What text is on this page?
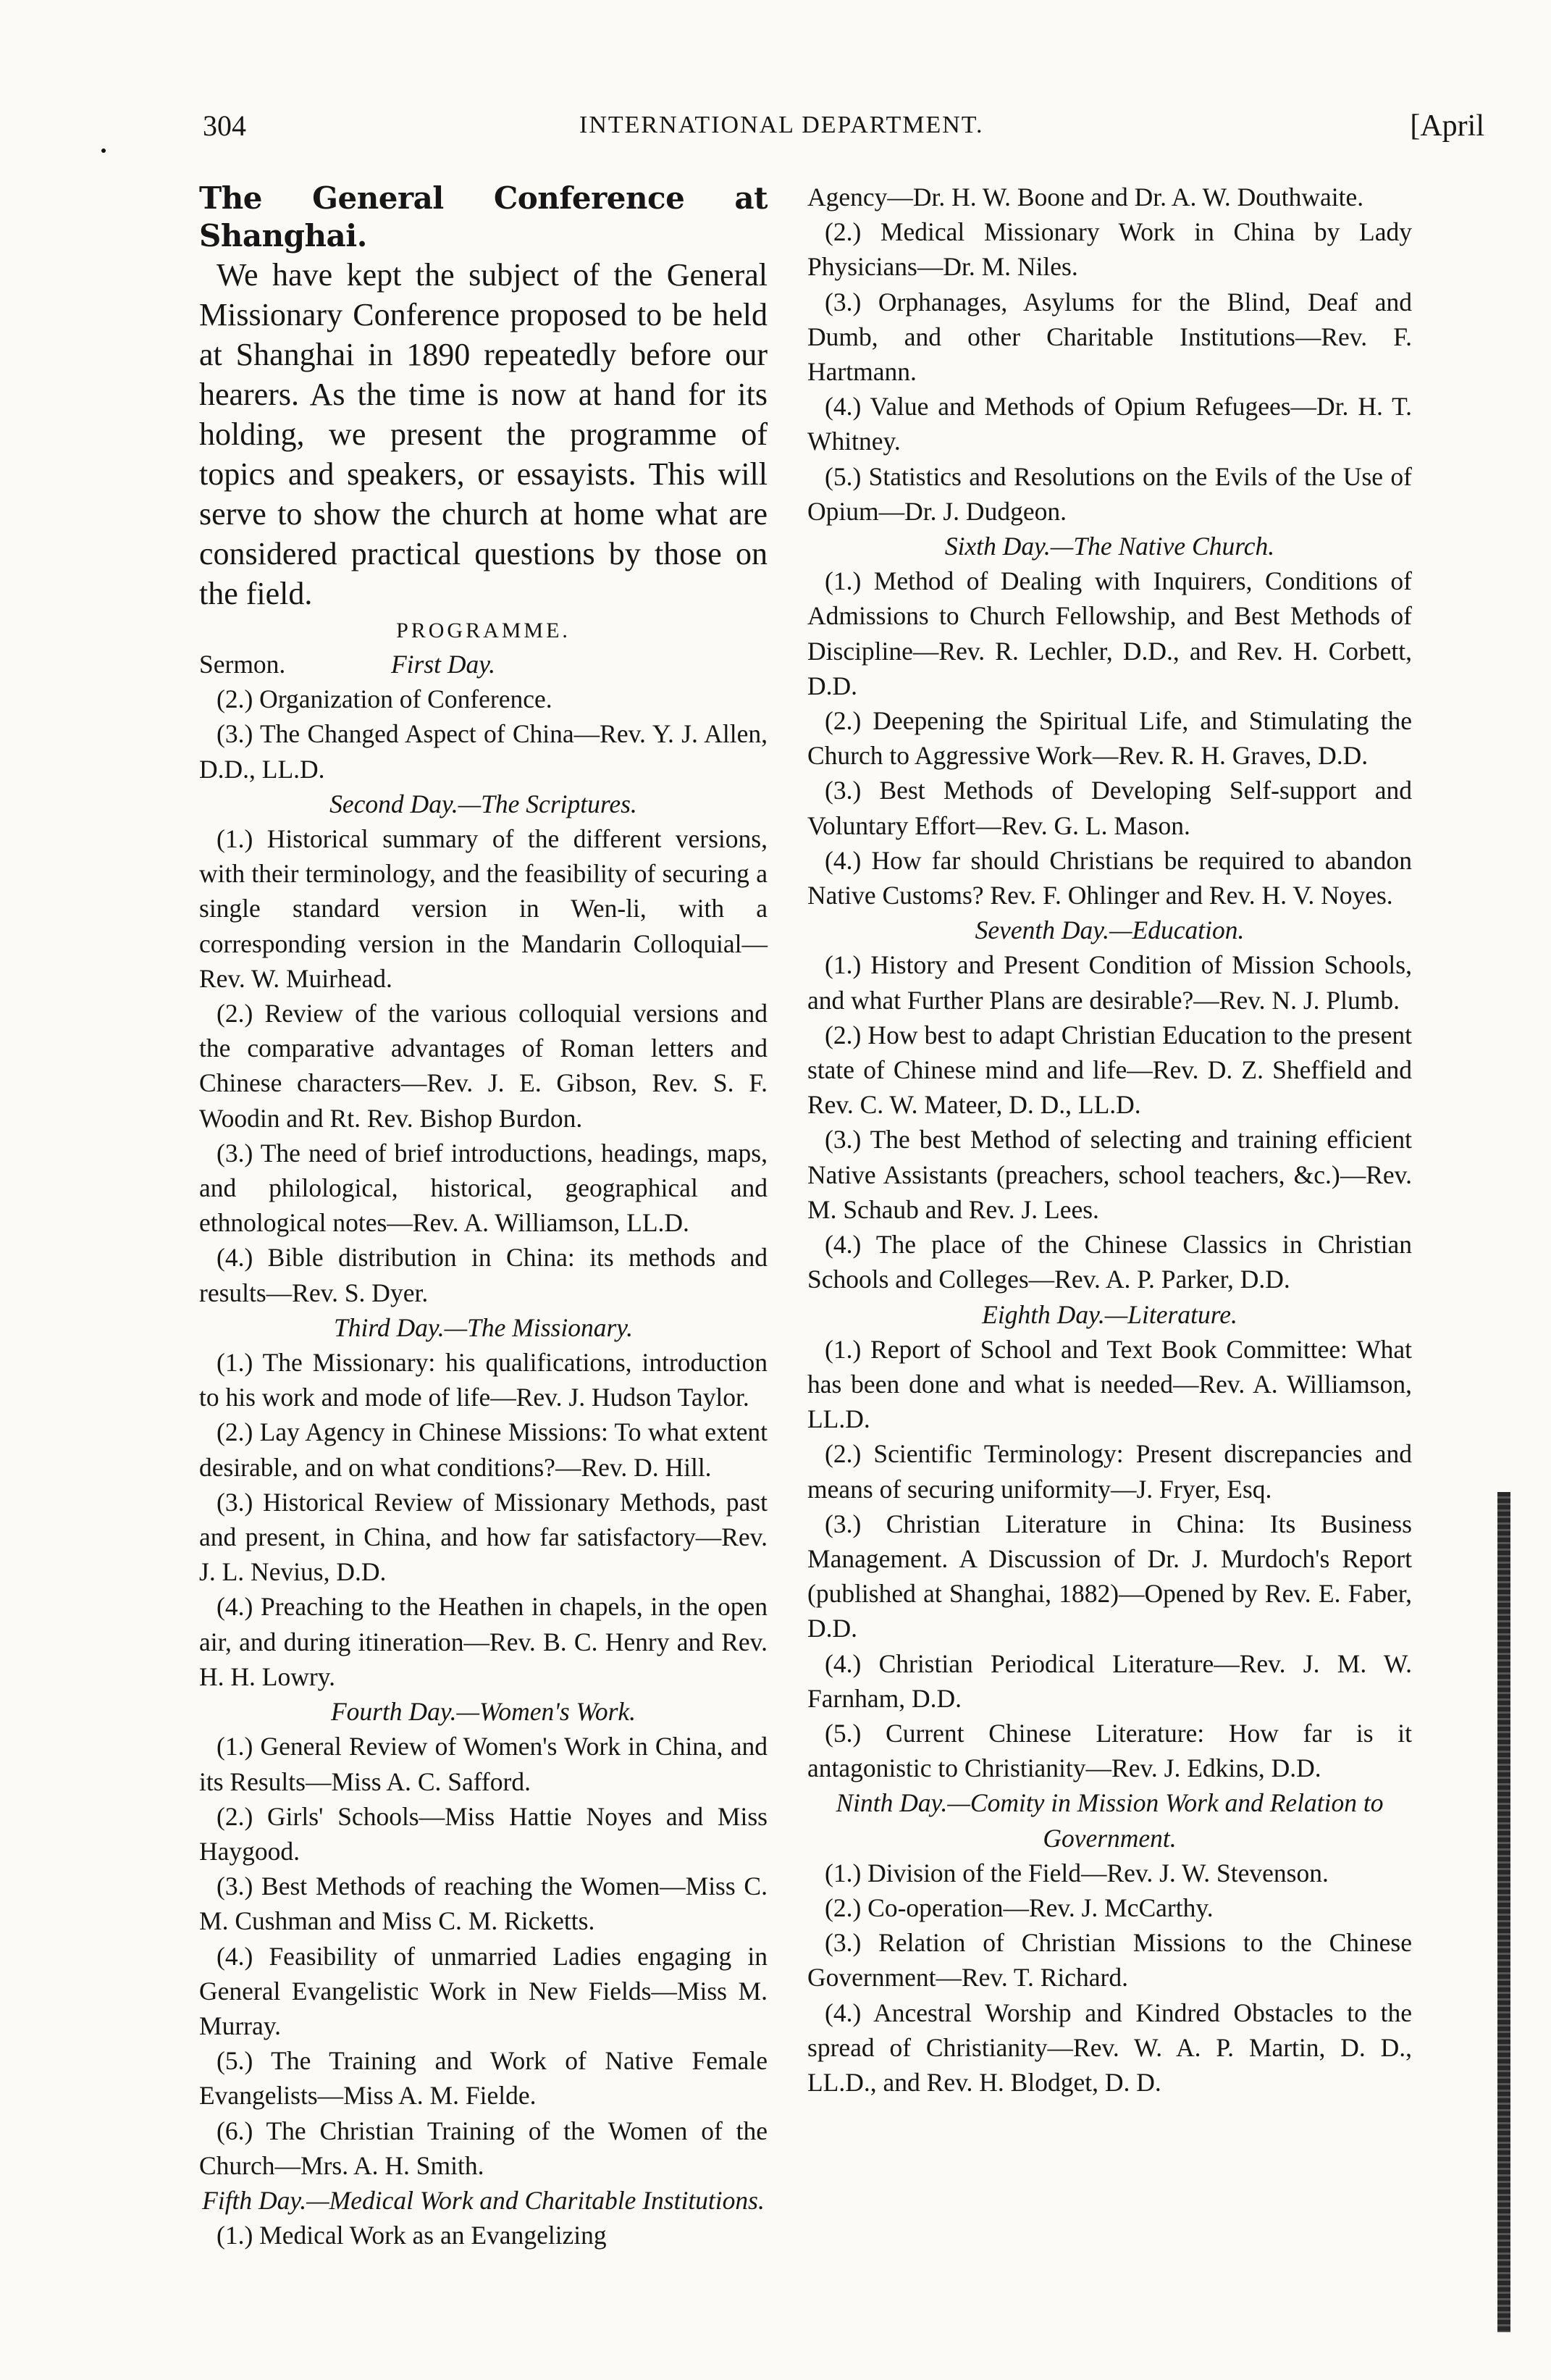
304	INTERNATIONAL DEPARTMENT.	[April

The General Conference at Shanghai.

We have kept the subject of the General Missionary Conference proposed to be held at Shanghai in 1890 repeatedly before our hearers. As the time is now at hand for its holding, we present the programme of topics and speakers, or essayists. This will serve to show the church at home what are considered practical questions by those on the field.

PROGRAMME.

Sermon.	First Day.

(2.) Organization of Conference.

(3.) The Changed Aspect of China—Rev. Y. J. Allen, D.D., LL.D.

Second Day.—The Scriptures.

(1.) Historical summary of the different versions, with their terminology, and the feasibility of securing a single standard version in Wen-li, with a corresponding version in the Mandarin Colloquial—Rev. W. Muirhead.

(2.) Review of the various colloquial versions and the comparative advantages of Roman letters and Chinese characters—Rev. J. E. Gibson, Rev. S. F. Woodin and Rt. Rev. Bishop Burdon.

(3.) The need of brief introductions, headings, maps, and philological, historical, geographical and ethnological notes—Rev. A. Williamson, LL.D.

(4.) Bible distribution in China: its methods and results—Rev. S. Dyer.

Third Day.—The Missionary.

(1.) The Missionary: his qualifications, introduction to his work and mode of life—Rev. J. Hudson Taylor.

(2.) Lay Agency in Chinese Missions: To what extent desirable, and on what conditions?—Rev. D. Hill.

(3.) Historical Review of Missionary Methods, past and present, in China, and how far satisfactory—Rev. J. L. Nevius, D.D.

(4.) Preaching to the Heathen in chapels, in the open air, and during itineration—Rev. B. C. Henry and Rev. H. H. Lowry.

Fourth Day.—Women's Work.

(1.) General Review of Women's Work in China, and its Results—Miss A. C. Safford.

(2.) Girls' Schools—Miss Hattie Noyes and Miss Haygood.

(3.) Best Methods of reaching the Women—Miss C. M. Cushman and Miss C. M. Ricketts.

(4.) Feasibility of unmarried Ladies engaging in General Evangelistic Work in New Fields—Miss M. Murray.

(5.) The Training and Work of Native Female Evangelists—Miss A. M. Fielde.

(6.) The Christian Training of the Women of the Church—Mrs. A. H. Smith.

Fifth Day.—Medical Work and Charitable Institutions.

(1.) Medical Work as an Evangelizing

Agency—Dr. H. W. Boone and Dr. A. W. Douthwaite.

(2.) Medical Missionary Work in China by Lady Physicians—Dr. M. Niles.

(3.) Orphanages, Asylums for the Blind, Deaf and Dumb, and other Charitable Institutions—Rev. F. Hartmann.

(4.) Value and Methods of Opium Refugees—Dr. H. T. Whitney.

(5.) Statistics and Resolutions on the Evils of the Use of Opium—Dr. J. Dudgeon.

Sixth Day.—The Native Church.

(1.) Method of Dealing with Inquirers, Conditions of Admissions to Church Fellowship, and Best Methods of Discipline—Rev. R. Lechler, D.D., and Rev. H. Corbett, D.D.

(2.) Deepening the Spiritual Life, and Stimulating the Church to Aggressive Work—Rev. R. H. Graves, D.D.

(3.) Best Methods of Developing Self-support and Voluntary Effort—Rev. G. L. Mason.

(4.) How far should Christians be required to abandon Native Customs? Rev. F. Ohlinger and Rev. H. V. Noyes.

Seventh Day.—Education.

(1.) History and Present Condition of Mission Schools, and what Further Plans are desirable?—Rev. N. J. Plumb.

(2.) How best to adapt Christian Education to the present state of Chinese mind and life—Rev. D. Z. Sheffield and Rev. C. W. Mateer, D. D., LL.D.

(3.) The best Method of selecting and training efficient Native Assistants (preachers, school teachers, &c.)—Rev. M. Schaub and Rev. J. Lees.

(4.) The place of the Chinese Classics in Christian Schools and Colleges—Rev. A. P. Parker, D.D.

Eighth Day.—Literature.

(1.) Report of School and Text Book Committee: What has been done and what is needed—Rev. A. Williamson, LL.D.

(2.) Scientific Terminology: Present discrepancies and means of securing uniformity—J. Fryer, Esq.

(3.) Christian Literature in China: Its Business Management. A Discussion of Dr. J. Murdoch's Report (published at Shanghai, 1882)—Opened by Rev. E. Faber, D.D.

(4.) Christian Periodical Literature—Rev. J. M. W. Farnham, D.D.

(5.) Current Chinese Literature: How far is it antagonistic to Christianity—Rev. J. Edkins, D.D.

Ninth Day.—Comity in Mission Work and Relation to Government.

(1.) Division of the Field—Rev. J. W. Stevenson.

(2.) Co-operation—Rev. J. McCarthy.

(3.) Relation of Christian Missions to the Chinese Government—Rev. T. Richard.

(4.) Ancestral Worship and Kindred Obstacles to the spread of Christianity—Rev. W. A. P. Martin, D. D., LL.D., and Rev. H. Blodget, D. D.
